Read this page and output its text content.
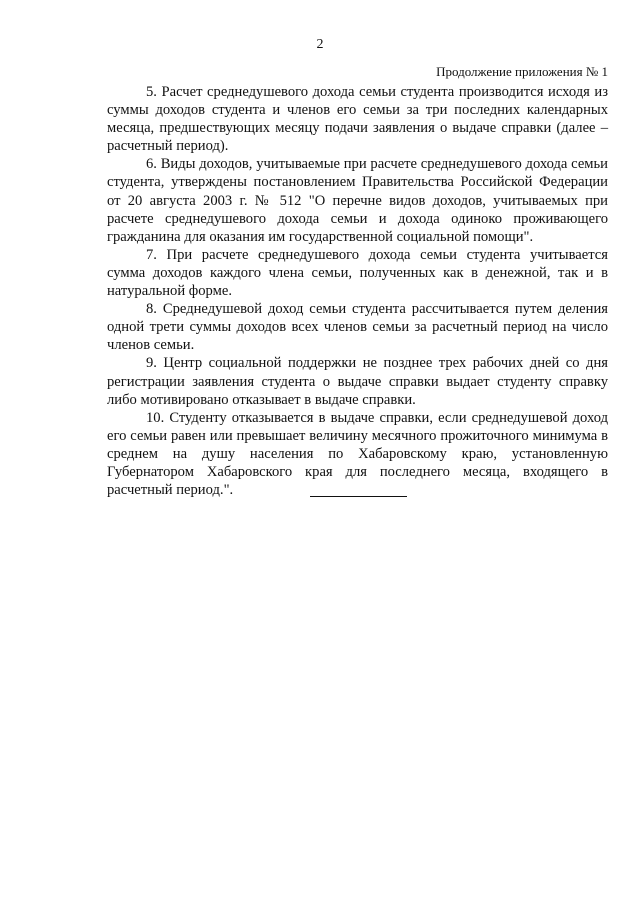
2
Продолжение приложения № 1

5. Расчет среднедушевого дохода семьи студента производится исходя из суммы доходов студента и членов его семьи за три последних календарных месяца, предшествующих месяцу подачи заявления о выдаче справки (далее – расчетный период).

6. Виды доходов, учитываемые при расчете среднедушевого дохода семьи студента, утверждены постановлением Правительства Российской Федерации от 20 августа 2003 г. № 512 "О перечне видов доходов, учитываемых при расчете среднедушевого дохода семьи и дохода одиноко проживающего гражданина для оказания им государственной социальной помощи".

7. При расчете среднедушевого дохода семьи студента учитывается сумма доходов каждого члена семьи, полученных как в денежной, так и в натуральной форме.

8. Среднедушевой доход семьи студента рассчитывается путем деления одной трети суммы доходов всех членов семьи за расчетный период на число членов семьи.

9. Центр социальной поддержки не позднее трех рабочих дней со дня регистрации заявления студента о выдаче справки выдает студенту справку либо мотивировано отказывает в выдаче справки.

10. Студенту отказывается в выдаче справки, если среднедушевой доход его семьи равен или превышает величину месячного прожиточного минимума в среднем на душу населения по Хабаровскому краю, установленную Губернатором Хабаровского края для последнего месяца, входящего в расчетный период.".
